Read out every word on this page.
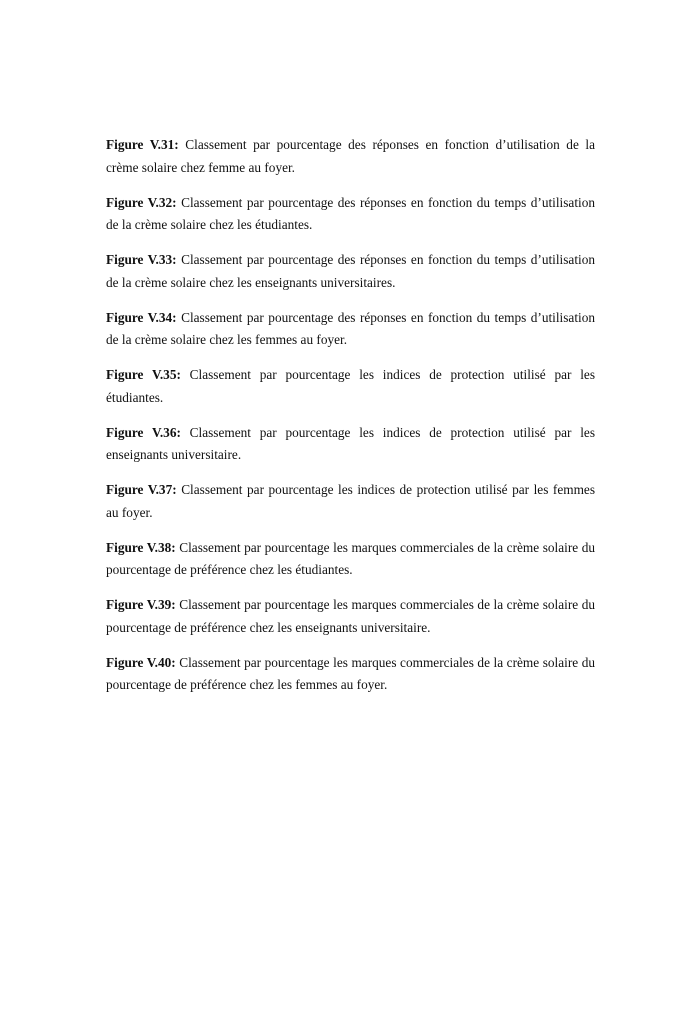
Figure V.31: Classement par pourcentage des réponses en fonction d’utilisation de la crème solaire chez femme au foyer.

Figure V.32: Classement par pourcentage des réponses en fonction du temps d’utilisation de la crème solaire chez les étudiantes.

Figure V.33: Classement par pourcentage des réponses en fonction du temps d’utilisation de la crème solaire chez les enseignants universitaires.

Figure V.34: Classement par pourcentage des réponses en fonction du temps d’utilisation de la crème solaire chez les femmes au foyer.

Figure V.35: Classement par pourcentage les indices de protection utilisé par les étudiantes.

Figure V.36: Classement par pourcentage les indices de protection utilisé par les enseignants universitaire.

Figure V.37: Classement par pourcentage les indices de protection utilisé par les femmes au foyer.

Figure V.38: Classement par pourcentage les marques commerciales de la crème solaire du pourcentage de préférence chez les étudiantes.

Figure V.39: Classement par pourcentage les marques commerciales de la crème solaire du pourcentage de préférence chez les enseignants universitaire.

Figure V.40: Classement par pourcentage les marques commerciales de la crème solaire du pourcentage de préférence chez les femmes au foyer.
